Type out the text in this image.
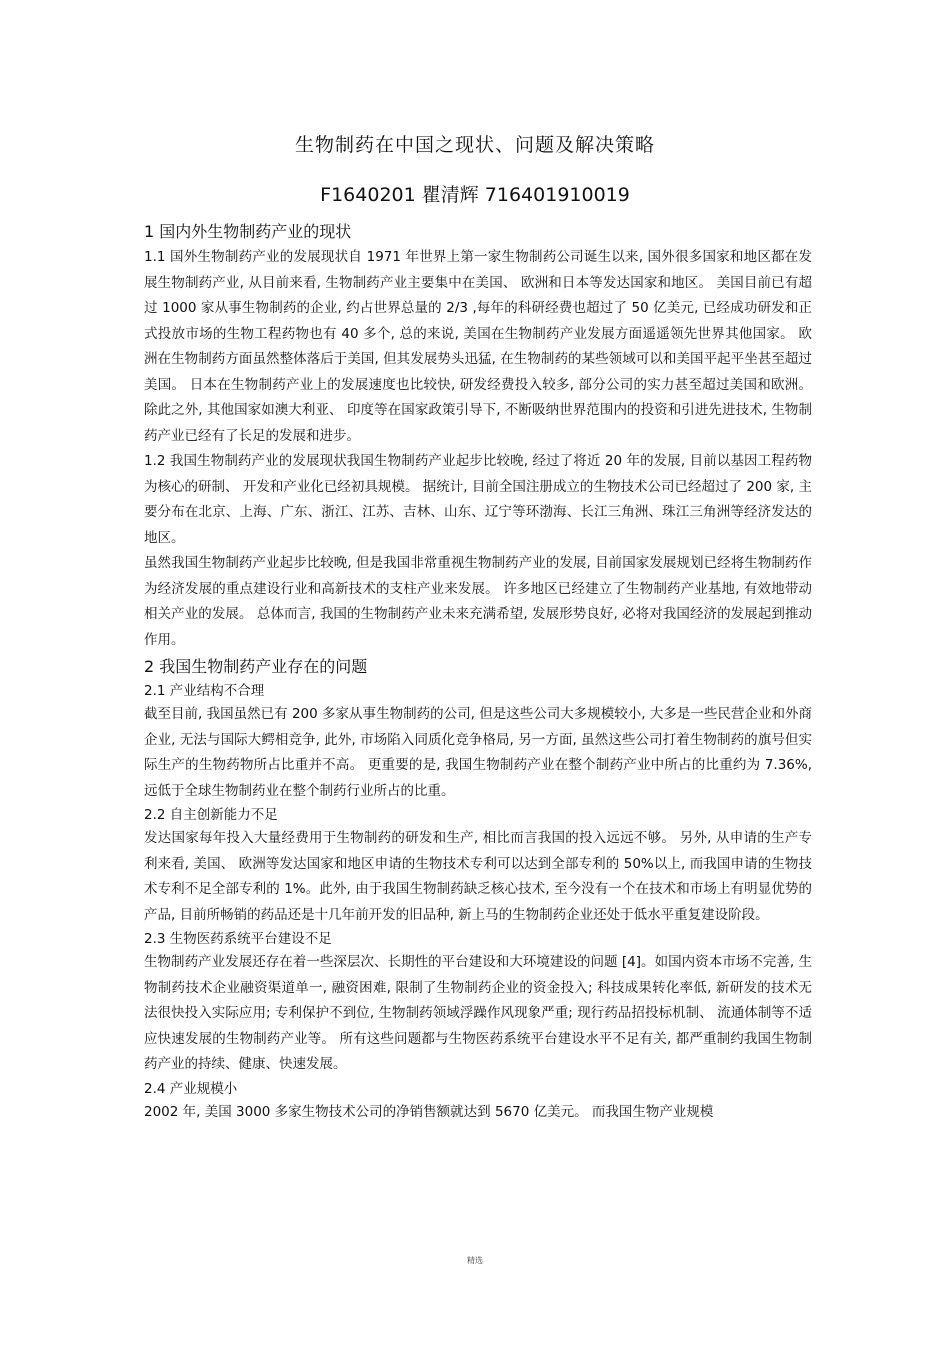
生物制药在中国之现状、问题及解决策略
F1640201 瞿清辉 716401910019
1 国内外生物制药产业的现状

1.1 国外生物制药产业的发展现状自 1971 年世界上第一家生物制药公司诞生以来, 国外很多国家和地区都在发展生物制药产业, 从目前来看, 生物制药产业主要集中在美国、 欧洲和日本等发达国家和地区。 美国目前已有超过 1000 家从事生物制药的企业, 约占世界总量的 2/3 ,每年的科研经费也超过了 50 亿美元, 已经成功研发和正式投放市场的生物工程药物也有 40 多个, 总的来说, 美国在生物制药产业发展方面遥遥领先世界其他国家。 欧洲在生物制药方面虽然整体落后于美国, 但其发展势头迅猛, 在生物制药的某些领域可以和美国平起平坐甚至超过美国。 日本在生物制药产业上的发展速度也比较快, 研发经费投入较多, 部分公司的实力甚至超过美国和欧洲。除此之外, 其他国家如澳大利亚、 印度等在国家政策引导下, 不断吸纳世界范围内的投资和引进先进技术, 生物制药产业已经有了长足的发展和进步。

1.2 我国生物制药产业的发展现状我国生物制药产业起步比较晚, 经过了将近 20 年的发展, 目前以基因工程药物为核心的研制、 开发和产业化已经初具规模。 据统计, 目前全国注册成立的生物技术公司已经超过了 200 家, 主要分布在北京、上海、广东、浙江、江苏、吉林、山东、辽宁等环渤海、长江三角洲、珠江三角洲等经济发达的地区。

虽然我国生物制药产业起步比较晚, 但是我国非常重视生物制药产业的发展, 目前国家发展规划已经将生物制药作为经济发展的重点建设行业和高新技术的支柱产业来发展。 许多地区已经建立了生物制药产业基地, 有效地带动相关产业的发展。 总体而言, 我国的生物制药产业未来充满希望, 发展形势良好, 必将对我国经济的发展起到推动作用。

2 我国生物制药产业存在的问题
2.1 产业结构不合理

截至目前, 我国虽然已有 200 多家从事生物制药的公司, 但是这些公司大多规模较小, 大多是一些民营企业和外商企业, 无法与国际大鳄相竞争, 此外, 市场陷入同质化竞争格局, 另一方面, 虽然这些公司打着生物制药的旗号但实际生产的生物药物所占比重并不高。 更重要的是, 我国生物制药产业在整个制药产业中所占的比重约为 7.36%, 远低于全球生物制药业在整个制药行业所占的比重。

2.2 自主创新能力不足

发达国家每年投入大量经费用于生物制药的研发和生产, 相比而言我国的投入远远不够。 另外, 从申请的生产专利来看, 美国、 欧洲等发达国家和地区申请的生物技术专利可以达到全部专利的 50%以上, 而我国申请的生物技术专利不足全部专利的 1%。此外, 由于我国生物制药缺乏核心技术, 至今没有一个在技术和市场上有明显优势的产品, 目前所畅销的药品还是十几年前开发的旧品种, 新上马的生物制药企业还处于低水平重复建设阶段。

2.3 生物医药系统平台建设不足

生物制药产业发展还存在着一些深层次、长期性的平台建设和大环境建设的问题 [4]。如国内资本市场不完善, 生物制药技术企业融资渠道单一, 融资困难, 限制了生物制药企业的资金投入; 科技成果转化率低, 新研发的技术无法很快投入实际应用; 专利保护不到位, 生物制药领域浮躁作风现象严重; 现行药品招投标机制、 流通体制等不适应快速发展的生物制药产业等。 所有这些问题都与生物医药系统平台建设水平不足有关, 都严重制约我国生物制药产业的持续、健康、快速发展。

2.4 产业规模小

2002 年, 美国 3000 多家生物技术公司的净销售额就达到 5670 亿美元。 而我国生物产业规模

精选
